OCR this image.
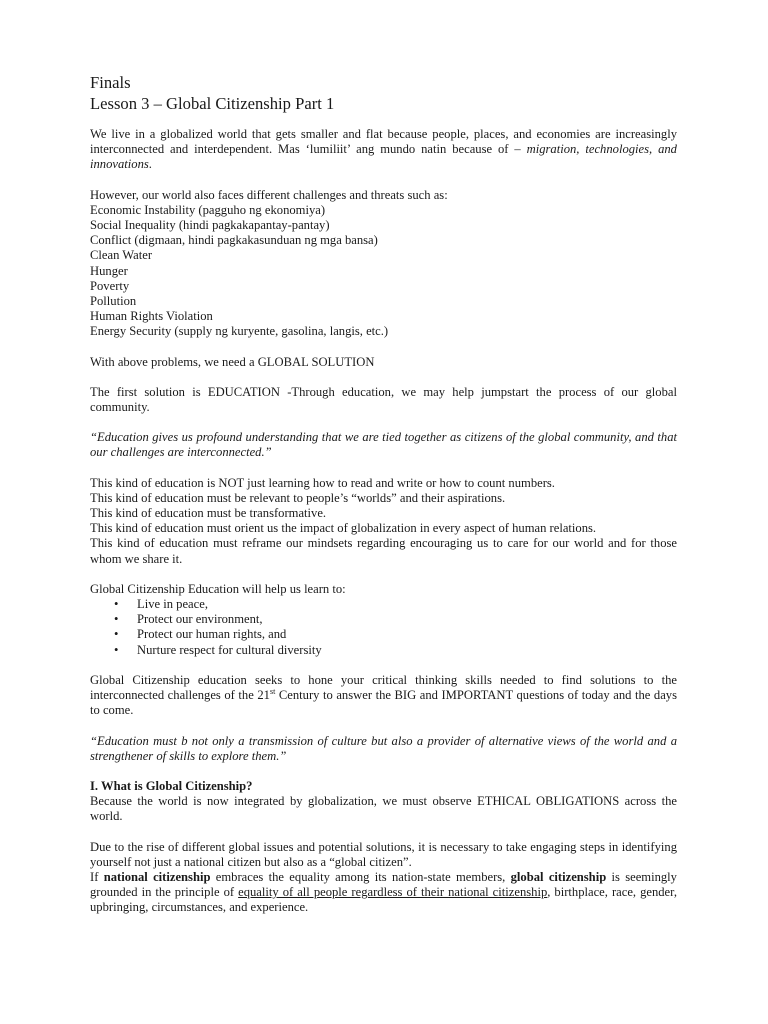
Finals

Lesson 3 – Global Citizenship Part 1

We live in a globalized world that gets smaller and flat because people, places, and economies are increasingly interconnected and interdependent. Mas ‘lumiliit’ ang mundo natin because of – migration, technologies, and innovations.

However, our world also faces different challenges and threats such as:

Economic Instability (pagguho ng ekonomiya)

Social Inequality (hindi pagkakapantay-pantay)

Conflict (digmaan, hindi pagkakasunduan ng mga bansa)

Clean Water

Hunger

Poverty

Pollution

Human Rights Violation

Energy Security (supply ng kuryente, gasolina, langis, etc.)

With above problems, we need a GLOBAL SOLUTION

The first solution is EDUCATION -Through education, we may help jumpstart the process of our global community.

“Education gives us profound understanding that we are tied together as citizens of the global community, and that our challenges are interconnected.”

This kind of education is NOT just learning how to read and write or how to count numbers.

This kind of education must be relevant to people’s “worlds” and their aspirations.

This kind of education must be transformative.

This kind of education must orient us the impact of globalization in every aspect of human relations.

This kind of education must reframe our mindsets regarding encouraging us to care for our world and for those whom we share it.

Global Citizenship Education will help us learn to:

• Live in peace,
• Protect our environment,
• Protect our human rights, and
• Nurture respect for cultural diversity

Global Citizenship education seeks to hone your critical thinking skills needed to find solutions to the interconnected challenges of the 21st Century to answer the BIG and IMPORTANT questions of today and the days to come.

“Education must b not only a transmission of culture but also a provider of alternative views of the world and a strengthener of skills to explore them.”

I. What is Global Citizenship?

Because the world is now integrated by globalization, we must observe ETHICAL OBLIGATIONS across the world.

Due to the rise of different global issues and potential solutions, it is necessary to take engaging steps in identifying yourself not just a national citizen but also as a “global citizen”.

If national citizenship embraces the equality among its nation-state members, global citizenship is seemingly grounded in the principle of equality of all people regardless of their national citizenship, birthplace, race, gender, upbringing, circumstances, and experience.
